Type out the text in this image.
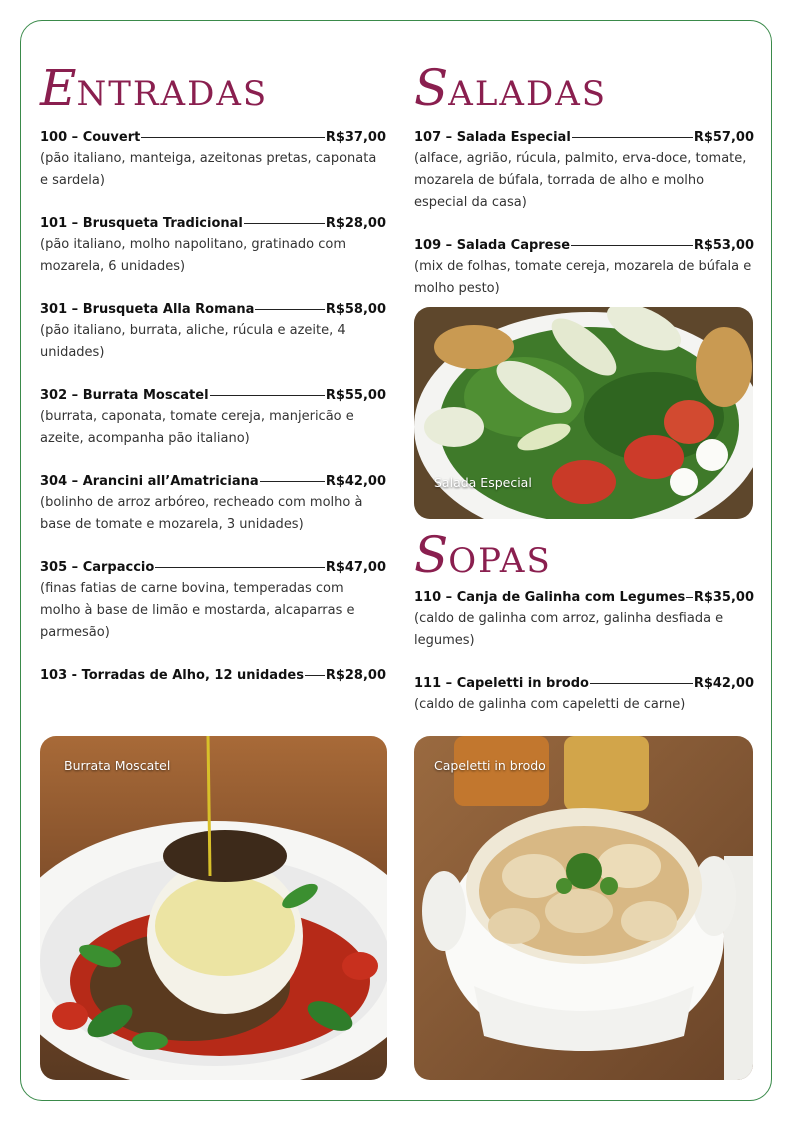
ENTRADAS
100 – Couvert	R$37,00
(pão italiano, manteiga, azeitonas pretas, caponata e sardela)
101 – Brusqueta Tradicional	R$28,00
(pão italiano, molho napolitano, gratinado com mozarela, 6 unidades)
301 – Brusqueta Alla Romana	R$58,00
(pão italiano, burrata, aliche, rúcula e azeite, 4 unidades)
302 – Burrata Moscatel	R$55,00
(burrata, caponata, tomate cereja, manjericão e azeite, acompanha pão italiano)
304 – Arancini all’Amatriciana	R$42,00
(bolinho de arroz arbóreo, recheado com molho à base de tomate e mozarela, 3 unidades)
305 – Carpaccio	R$47,00
(finas fatias de carne bovina, temperadas com molho à base de limão e mostarda, alcaparras e parmesão)
103 - Torradas de Alho, 12 unidades R$28,00
SALADAS
107 – Salada Especial	R$57,00
(alface, agrião, rúcula, palmito, erva-doce, tomate, mozarela de búfala, torrada de alho e molho especial da casa)
109 – Salada Caprese	R$53,00
(mix de folhas, tomate cereja, mozarela de búfala e molho pesto)
Salada Especial
SOPAS
110 – Canja de Galinha com Legumes R$35,00
(caldo de galinha com arroz, galinha desfiada e legumes)
111 – Capeletti in brodo	R$42,00
(caldo de galinha com capeletti de carne)
Burrata Moscatel	Capeletti in brodo
